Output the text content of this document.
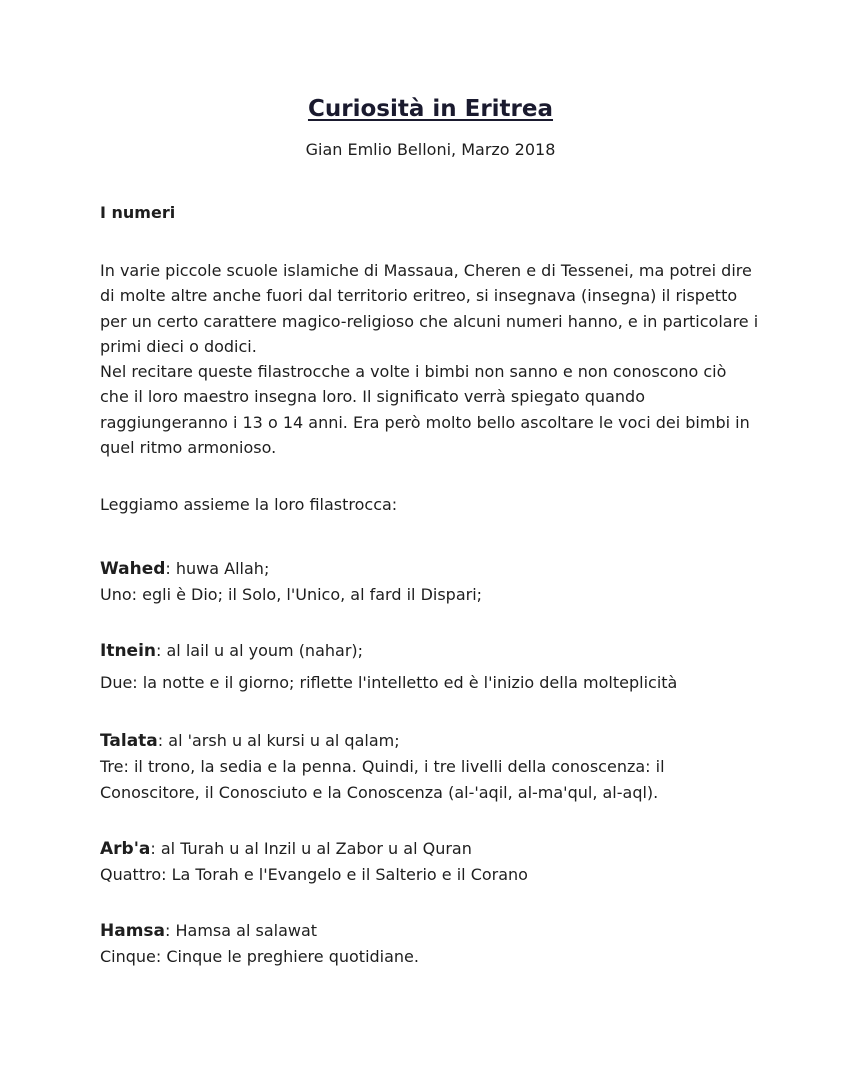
Curiosità in Eritrea

Gian Emlio Belloni, Marzo 2018

I numeri

In varie piccole scuole islamiche di Massaua, Cheren e di Tessenei, ma potrei dire
di molte altre anche fuori dal territorio eritreo, si insegnava (insegna) il rispetto
per un certo carattere magico-religioso che alcuni numeri hanno, e in particolare i
primi dieci o dodici.

Nel recitare queste filastrocche a volte i bimbi non sanno e non conoscono ciò
che il loro maestro insegna loro. Il significato verrà spiegato quando
raggiungeranno i 13 o 14 anni. Era però molto bello ascoltare le voci dei bimbi in
quel ritmo armonioso.

Leggiamo assieme la loro filastrocca:

Wahed: huwa Allah;
Uno: egli è Dio; il Solo, l'Unico, al fard il Dispari;
Itnein: al lail u al youm (nahar);
Due: la notte e il giorno; riflette l'intelletto ed è l'inizio della molteplicità
Talata: al 'arsh u al kursi u al qalam;
Tre: il trono, la sedia e la penna. Quindi, i tre livelli della conoscenza: il
Conoscitore, il Conosciuto e la Conoscenza (al-'aqil, al-ma'qul, al-aql).
Arb'a: al Turah u al Inzil u al Zabor u al Quran
Quattro: La Torah e l'Evangelo e il Salterio e il Corano
Hamsa: Hamsa al salawat
Cinque: Cinque le preghiere quotidiane.
